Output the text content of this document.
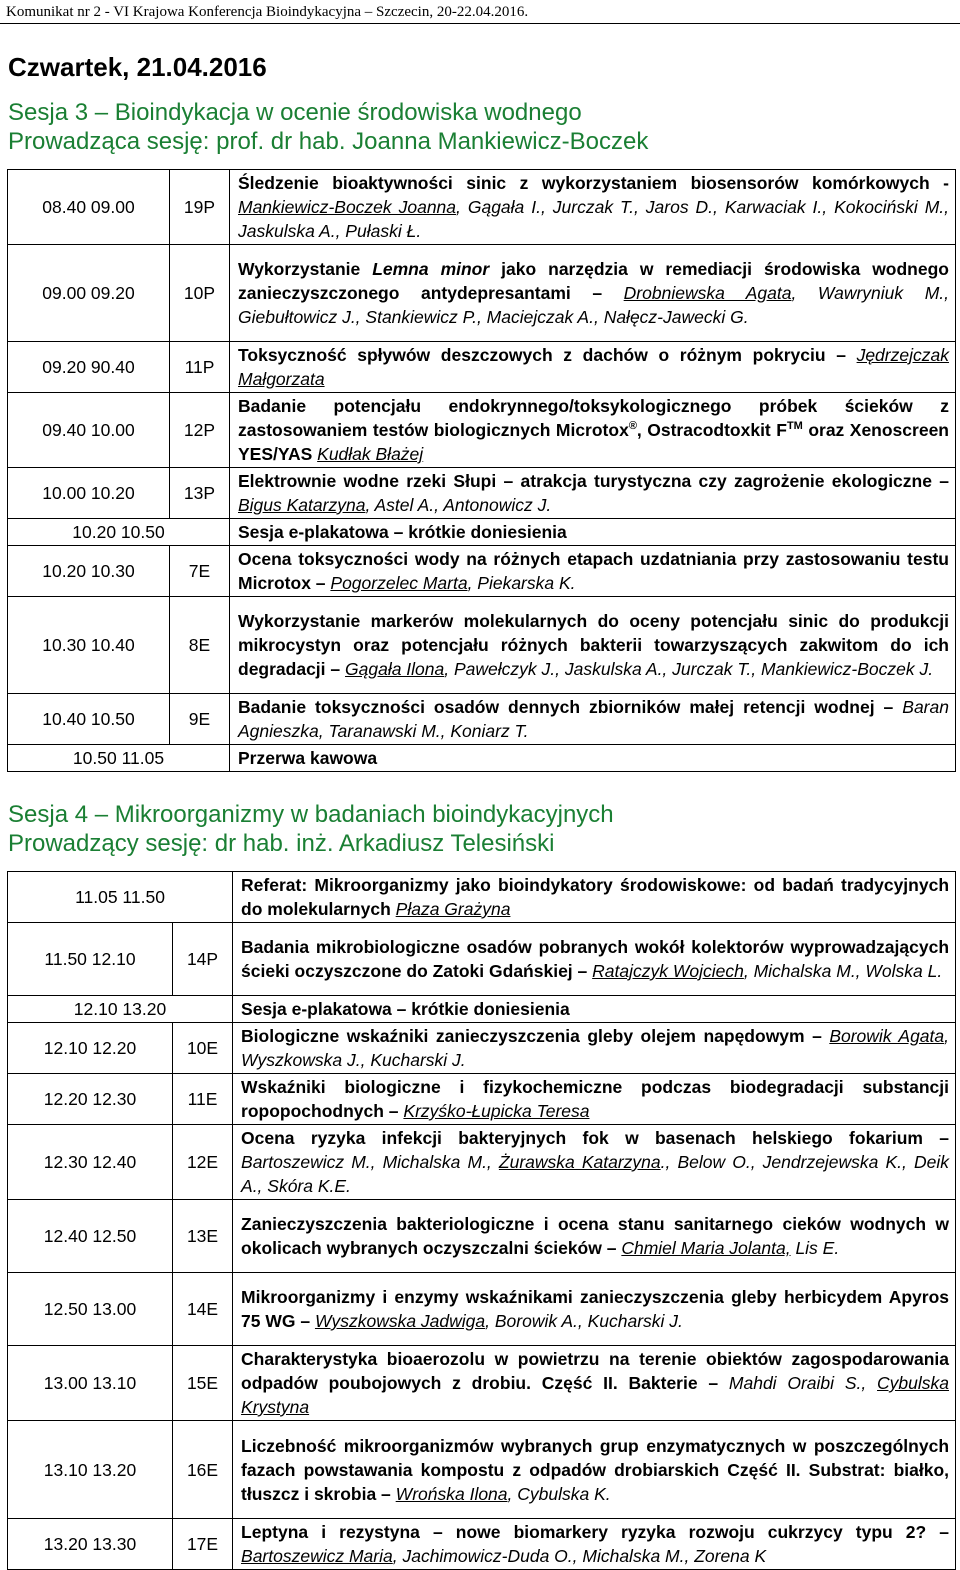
Komunikat nr 2 - VI Krajowa Konferencja Bioindykacyjna – Szczecin, 20-22.04.2016.
Czwartek, 21.04.2016
Sesja 3 – Bioindykacja w ocenie środowiska wodnego
Prowadząca sesję: prof. dr hab. Joanna Mankiewicz-Boczek
08.40 09.00	19P	Śledzenie bioaktywności sinic z wykorzystaniem biosensorów komórkowych - Mankiewicz-Boczek Joanna, Gągała I., Jurczak T., Jaros D., Karwaciak I., Kokociński M., Jaskulska A., Pułaski Ł.
09.00 09.20	10P	Wykorzystanie Lemna minor jako narzędzia w remediacji środowiska wodnego zanieczyszczonego antydepresantami – Drobniewska Agata, Wawryniuk M., Giebułtowicz J., Stankiewicz P., Maciejczak A., Nałęcz-Jawecki G.
09.20 90.40	11P	Toksyczność spływów deszczowych z dachów o różnym pokryciu – Jędrzejczak Małgorzata
09.40 10.00	12P	Badanie potencjału endokrynnego/toksykologicznego próbek ścieków z zastosowaniem testów biologicznych Microtox®, Ostracodtoxkit F™ oraz Xenoscreen YES/YAS Kudłak Błażej
10.00 10.20	13P	Elektrownie wodne rzeki Słupi – atrakcja turystyczna czy zagrożenie ekologiczne – Bigus Katarzyna, Astel A., Antonowicz J.
10.20 10.50		Sesja e-plakatowa – krótkie doniesienia
10.20 10.30	7E	Ocena toksyczności wody na różnych etapach uzdatniania przy zastosowaniu testu Microtox – Pogorzelec Marta, Piekarska K.
10.30 10.40	8E	Wykorzystanie markerów molekularnych do oceny potencjału sinic do produkcji mikrocystyn oraz potencjału różnych bakterii towarzyszących zakwitom do ich degradacji – Gągała Ilona, Pawełczyk J., Jaskulska A., Jurczak T., Mankiewicz-Boczek J.
10.40 10.50	9E	Badanie toksyczności osadów dennych zbiorników małej retencji wodnej – Baran Agnieszka, Taranawski M., Koniarz T.
10.50 11.05		Przerwa kawowa
Sesja 4 – Mikroorganizmy w badaniach bioindykacyjnych
Prowadzący sesję: dr hab. inż. Arkadiusz Telesiński
11.05 11.50		Referat: Mikroorganizmy jako bioindykatory środowiskowe: od badań tradycyjnych do molekularnych Płaza Grażyna
11.50 12.10	14P	Badania mikrobiologiczne osadów pobranych wokół kolektorów wyprowadzających ścieki oczyszczone do Zatoki Gdańskiej – Ratajczyk Wojciech, Michalska M., Wolska L.
12.10 13.20		Sesja e-plakatowa – krótkie doniesienia
12.10 12.20	10E	Biologiczne wskaźniki zanieczyszczenia gleby olejem napędowym – Borowik Agata, Wyszkowska J., Kucharski J.
12.20 12.30	11E	Wskaźniki biologiczne i fizykochemiczne podczas biodegradacji substancji ropopochodnych – Krzyśko-Łupicka Teresa
12.30 12.40	12E	Ocena ryzyka infekcji bakteryjnych fok w basenach helskiego fokarium – Bartoszewicz M., Michalska M., Żurawska Katarzyna., Below O., Jendrzejewska K., Deik A., Skóra K.E.
12.40 12.50	13E	Zanieczyszczenia bakteriologiczne i ocena stanu sanitarnego cieków wodnych w okolicach wybranych oczyszczalni ścieków – Chmiel Maria Jolanta, Lis E.
12.50 13.00	14E	Mikroorganizmy i enzymy wskaźnikami zanieczyszczenia gleby herbicydem Apyros 75 WG – Wyszkowska Jadwiga, Borowik A., Kucharski J.
13.00 13.10	15E	Charakterystyka bioaerozolu w powietrzu na terenie obiektów zagospodarowania odpadów poubojowych z drobiu. Część II. Bakterie – Mahdi Oraibi S., Cybulska Krystyna
13.10 13.20	16E	Liczebność mikroorganizmów wybranych grup enzymatycznych w poszczególnych fazach powstawania kompostu z odpadów drobiarskich Część II. Substrat: białko, tłuszcz i skrobia – Wrońska Ilona, Cybulska K.
13.20 13.30	17E	Leptyna i rezystyna – nowe biomarkery ryzyka rozwoju cukrzycy typu 2? – Bartoszewicz Maria, Jachimowicz-Duda O., Michalska M., Zorena K
